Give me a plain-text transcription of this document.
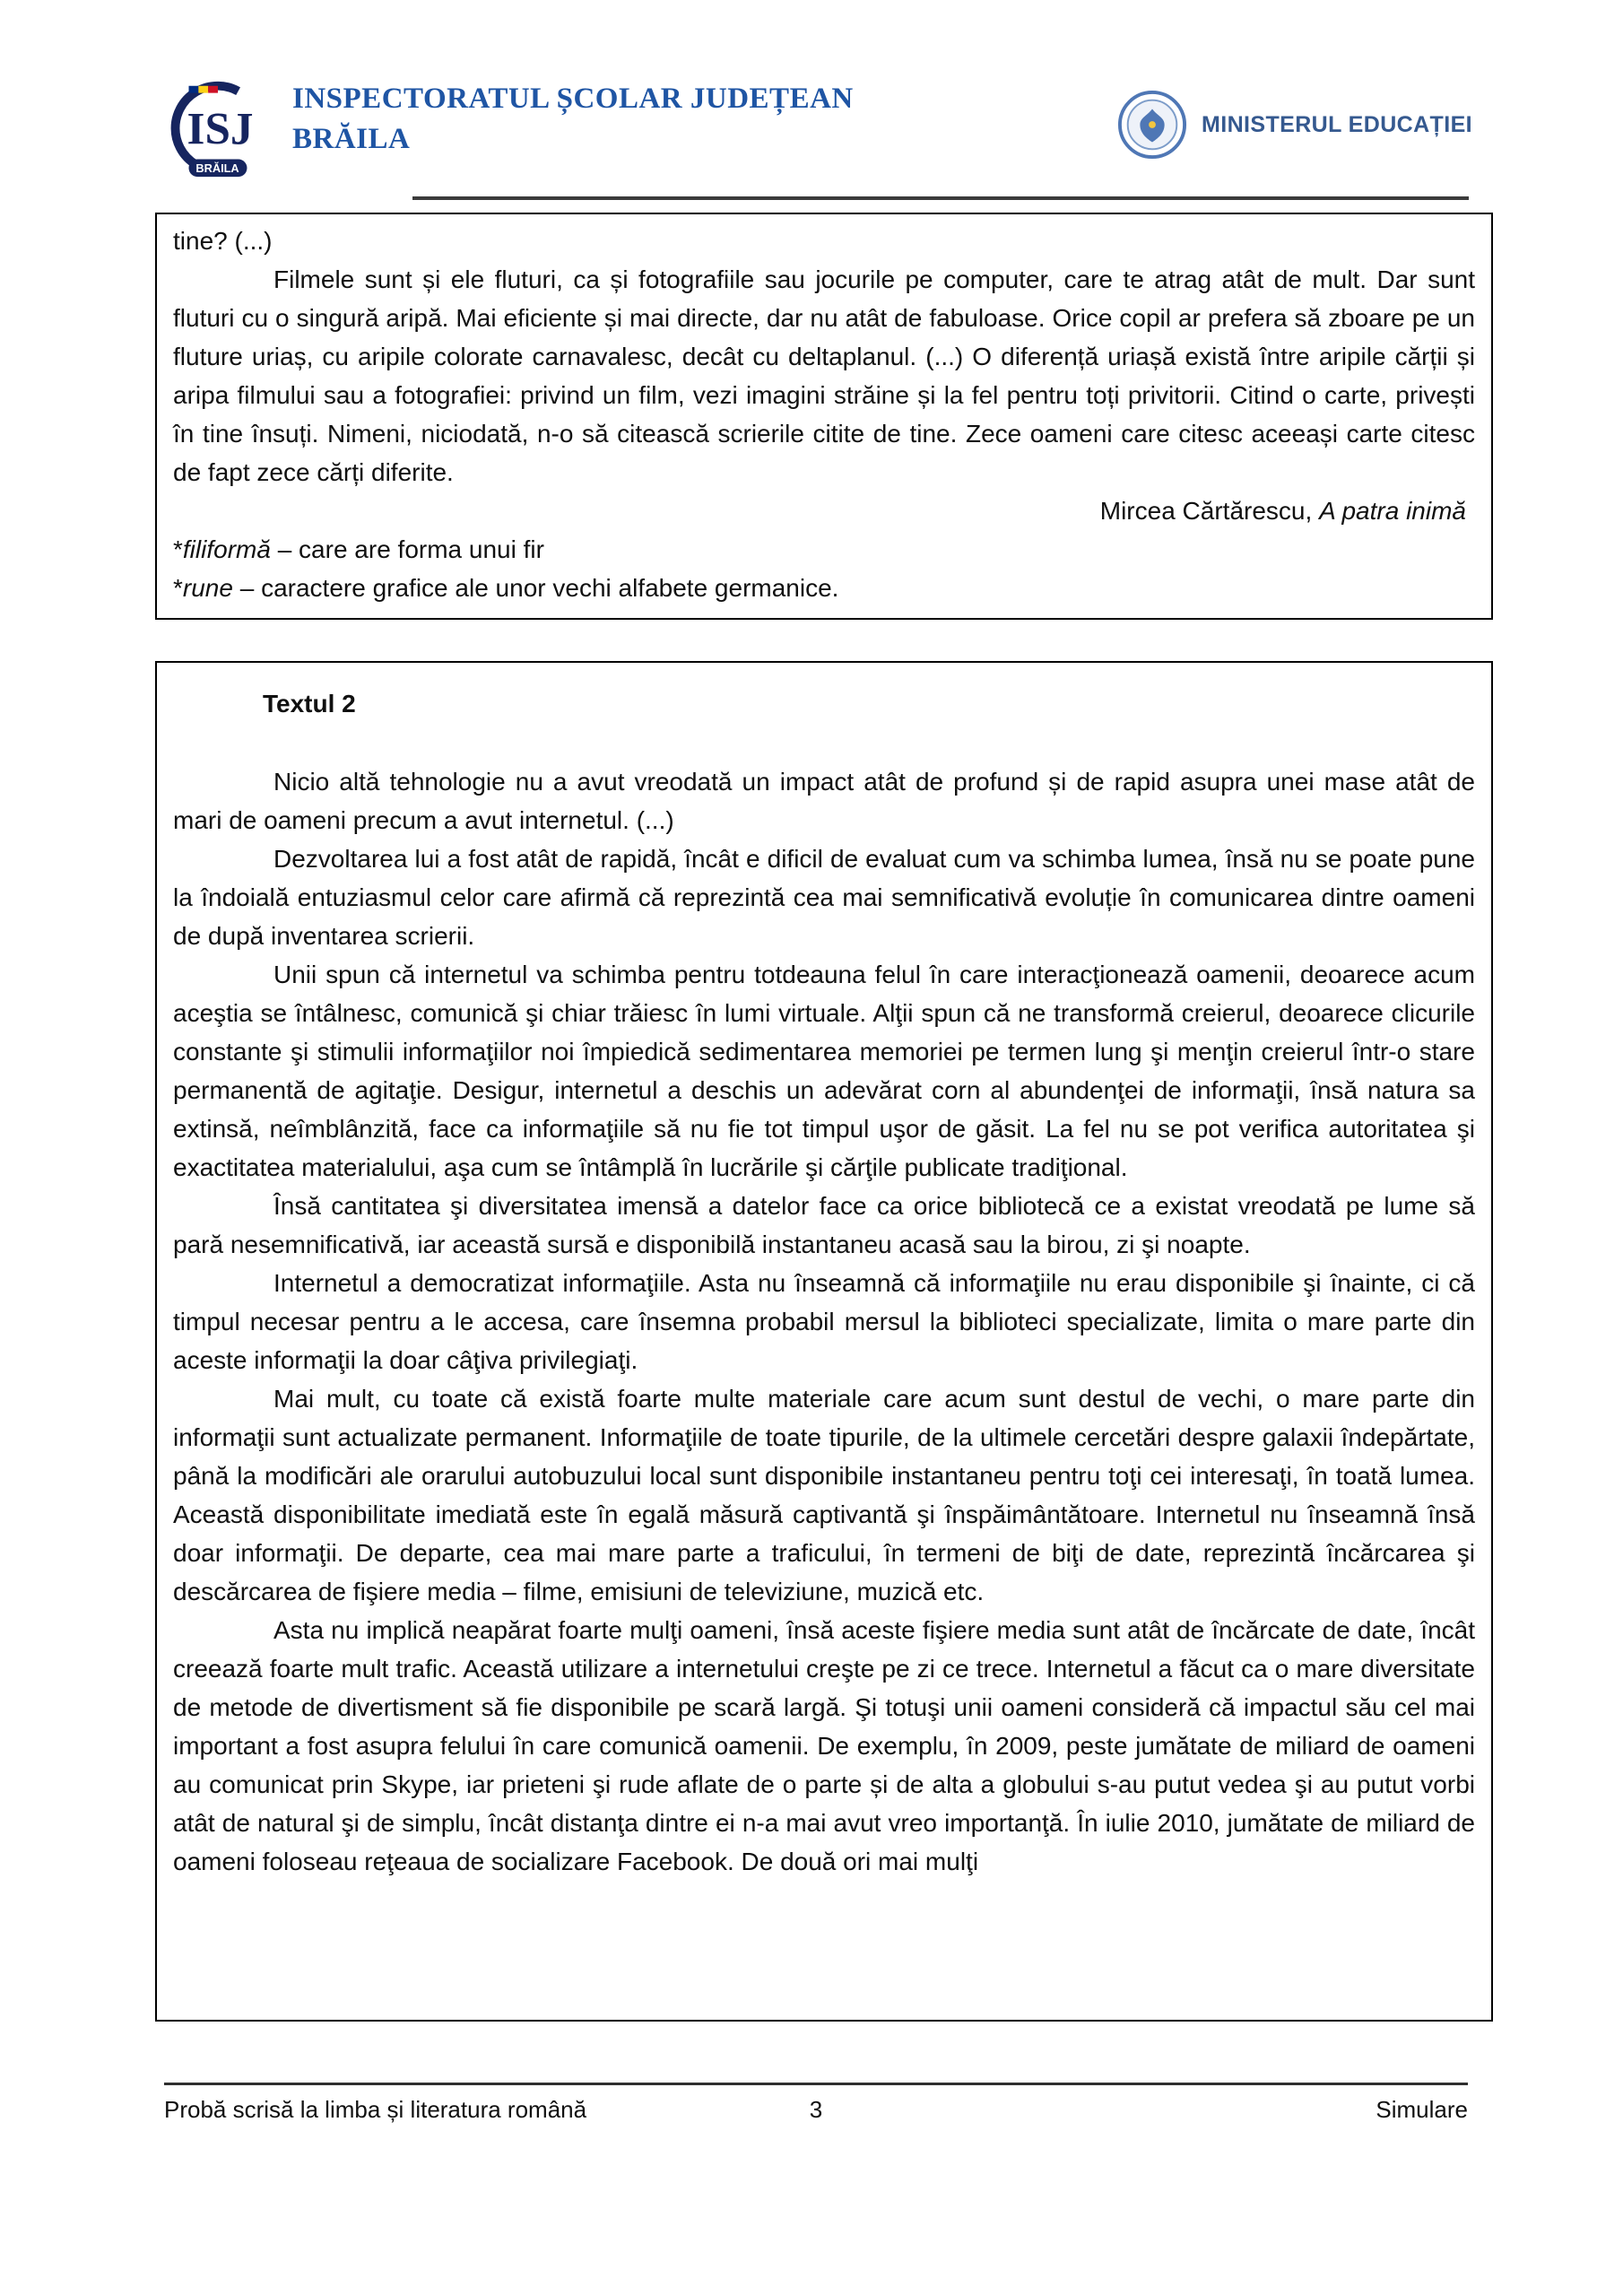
ISJ
BRĂILA
INSPECTORATUL ȘCOLAR JUDEȚEAN
BRĂILA	MINISTERUL EDUCAȚIEI

tine? (...)

Filmele sunt și ele fluturi, ca și fotografiile sau jocurile pe computer, care te atrag atât de mult. Dar sunt fluturi cu o singură aripă. Mai eficiente și mai directe, dar nu atât de fabuloase. Orice copil ar prefera să zboare pe un fluture uriaș, cu aripile colorate carnavalesc, decât cu deltaplanul. (...) O diferență uriașă există între aripile cărții și aripa filmului sau a fotografiei: privind un film, vezi imagini străine și la fel pentru toți privitorii. Citind o carte, privești în tine însuți. Nimeni, niciodată, n-o să citească scrierile citite de tine. Zece oameni care citesc aceeași carte citesc de fapt zece cărți diferite.

Mircea Cărtărescu, A patra inimă

*filiformă – care are forma unui fir

*rune – caractere grafice ale unor vechi alfabete germanice.

Textul 2

Nicio altă tehnologie nu a avut vreodată un impact atât de profund și de rapid asupra unei mase atât de mari de oameni precum a avut internetul. (...)

Dezvoltarea lui a fost atât de rapidă, încât e dificil de evaluat cum va schimba lumea, însă nu se poate pune la îndoială entuziasmul celor care afirmă că reprezintă cea mai semnificativă evoluție în comunicarea dintre oameni de după inventarea scrierii.

Unii spun că internetul va schimba pentru totdeauna felul în care interacţionează oamenii, deoarece acum aceştia se întâlnesc, comunică şi chiar trăiesc în lumi virtuale. Alţii spun că ne transformă creierul, deoarece clicurile constante şi stimulii informaţiilor noi împiedică sedimentarea memoriei pe termen lung şi menţin creierul într-o stare permanentă de agitaţie. Desigur, internetul a deschis un adevărat corn al abundenţei de informaţii, însă natura sa extinsă, neîmblânzită, face ca informaţiile să nu fie tot timpul uşor de găsit. La fel nu se pot verifica autoritatea şi exactitatea materialului, aşa cum se întâmplă în lucrările şi cărţile publicate tradiţional.

Însă cantitatea şi diversitatea imensă a datelor face ca orice bibliotecă ce a existat vreodată pe lume să pară nesemnificativă, iar această sursă e disponibilă instantaneu acasă sau la birou, zi şi noapte.

Internetul a democratizat informaţiile. Asta nu înseamnă că informaţiile nu erau disponibile şi înainte, ci că timpul necesar pentru a le accesa, care însemna probabil mersul la biblioteci specializate, limita o mare parte din aceste informaţii la doar câţiva privilegiaţi.

Mai mult, cu toate că există foarte multe materiale care acum sunt destul de vechi, o mare parte din informaţii sunt actualizate permanent. Informaţiile de toate tipurile, de la ultimele cercetări despre galaxii îndepărtate, până la modificări ale orarului autobuzului local sunt disponibile instantaneu pentru toţi cei interesaţi, în toată lumea. Această disponibilitate imediată este în egală măsură captivantă şi înspăimântătoare. Internetul nu înseamnă însă doar informaţii. De departe, cea mai mare parte a traficului, în termeni de biţi de date, reprezintă încărcarea şi descărcarea de fişiere media – filme, emisiuni de televiziune, muzică etc.

Asta nu implică neapărat foarte mulţi oameni, însă aceste fişiere media sunt atât de încărcate de date, încât creează foarte mult trafic. Această utilizare a internetului creşte pe zi ce trece. Internetul a făcut ca o mare diversitate de metode de divertisment să fie disponibile pe scară largă. Şi totuşi unii oameni consideră că impactul său cel mai important a fost asupra felului în care comunică oamenii. De exemplu, în 2009, peste jumătate de miliard de oameni au comunicat prin Skype, iar prieteni şi rude aflate de o parte și de alta a globului s-au putut vedea şi au putut vorbi atât de natural şi de simplu, încât distanţa dintre ei n-a mai avut vreo importanţă. În iulie 2010, jumătate de miliard de oameni foloseau reţeaua de socializare Facebook. De două ori mai mulţi

Probă scrisă la limba și literatura română	3	Simulare
